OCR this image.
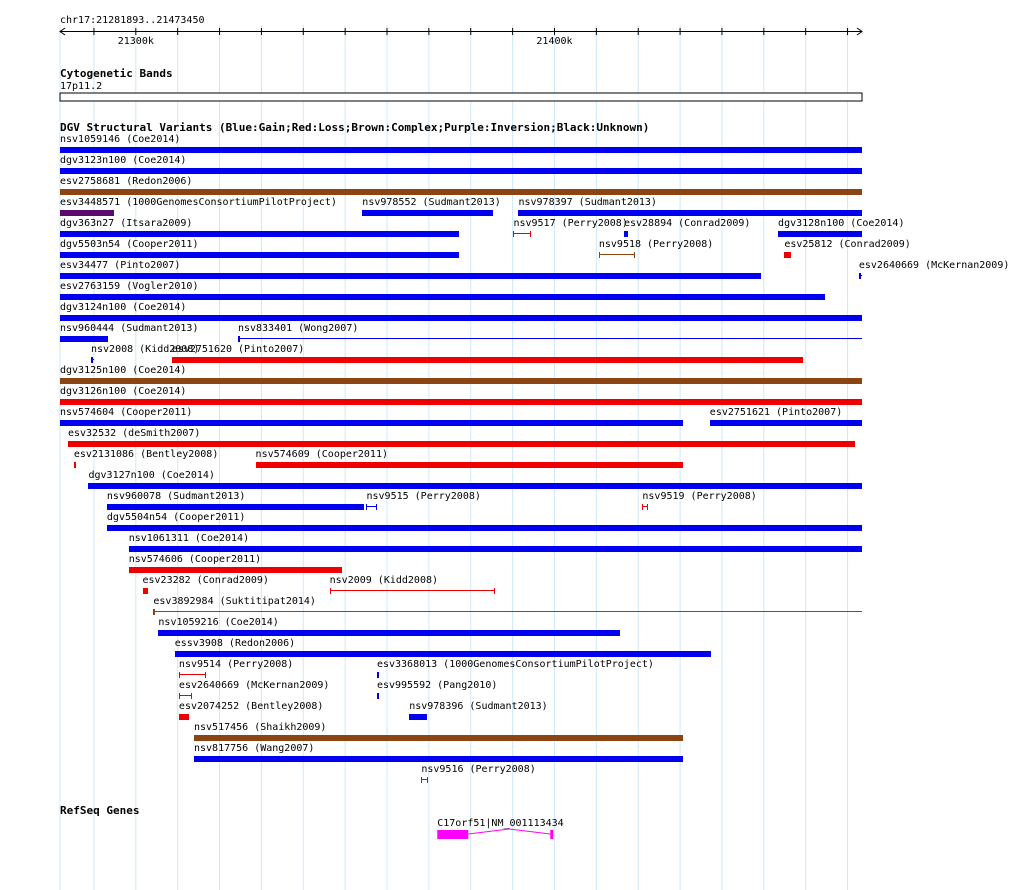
chr17:21281893..21473450
21300k	21400k
Cytogenetic Bands
17p11.2
DGV Structural Variants (Blue:Gain;Red:Loss;Brown:Complex;Purple:Inversion;Black:Unknown)
nsv1059146 (Coe2014)
dgv3123n100 (Coe2014)
esv2758681 (Redon2006)
esv3448571 (1000GenomesConsortiumPilotProject)	nsv978552 (Sudmant2013) nsv978397 (Sudmant2013)
dgv363n27 (Itsara2009)	nsv9517 (Perry2008)
esv28894 (Conrad2009)	dgv3128n100 (Coe2014)
dgv5503n54 (Cooper2011)	nsv9518 (Perry2008)	esv25812 (Conrad2009)
esv34477 (Pinto2007)	esv2640669 (McKernan2009)
esv2763159 (Vogler2010)
dgv3124n100 (Coe2014)
nsv960444 (Sudmant2013)	nsv833401 (Wong2007)
nsv2008 (Kidd2008)
esv2751620 (Pinto2007)
dgv3125n100 (Coe2014)
dgv3126n100 (Coe2014)
nsv574604 (Cooper2011)	esv2751621 (Pinto2007)
esv32532 (deSmith2007)
esv2131086 (Bentley2008)	nsv574609 (Cooper2011)
dgv3127n100 (Coe2014)
nsv960078 (Sudmant2013)	nsv9515 (Perry2008)	nsv9519 (Perry2008)
dgv5504n54 (Cooper2011)
nsv1061311 (Coe2014)
nsv574606 (Cooper2011)
esv23282 (Conrad2009)	nsv2009 (Kidd2008)
esv3892984 (Suktitipat2014)
nsv1059216 (Coe2014)
essv3908 (Redon2006)
nsv9514 (Perry2008)	esv3368013 (1000GenomesConsortiumPilotProject)
esv2640669 (McKernan2009)	esv995592 (Pang2010)
esv2074252 (Bentley2008)	nsv978396 (Sudmant2013)
nsv517456 (Shaikh2009)
nsv817756 (Wang2007)
nsv9516 (Perry2008)
RefSeq Genes
C17orf51|NM_001113434
